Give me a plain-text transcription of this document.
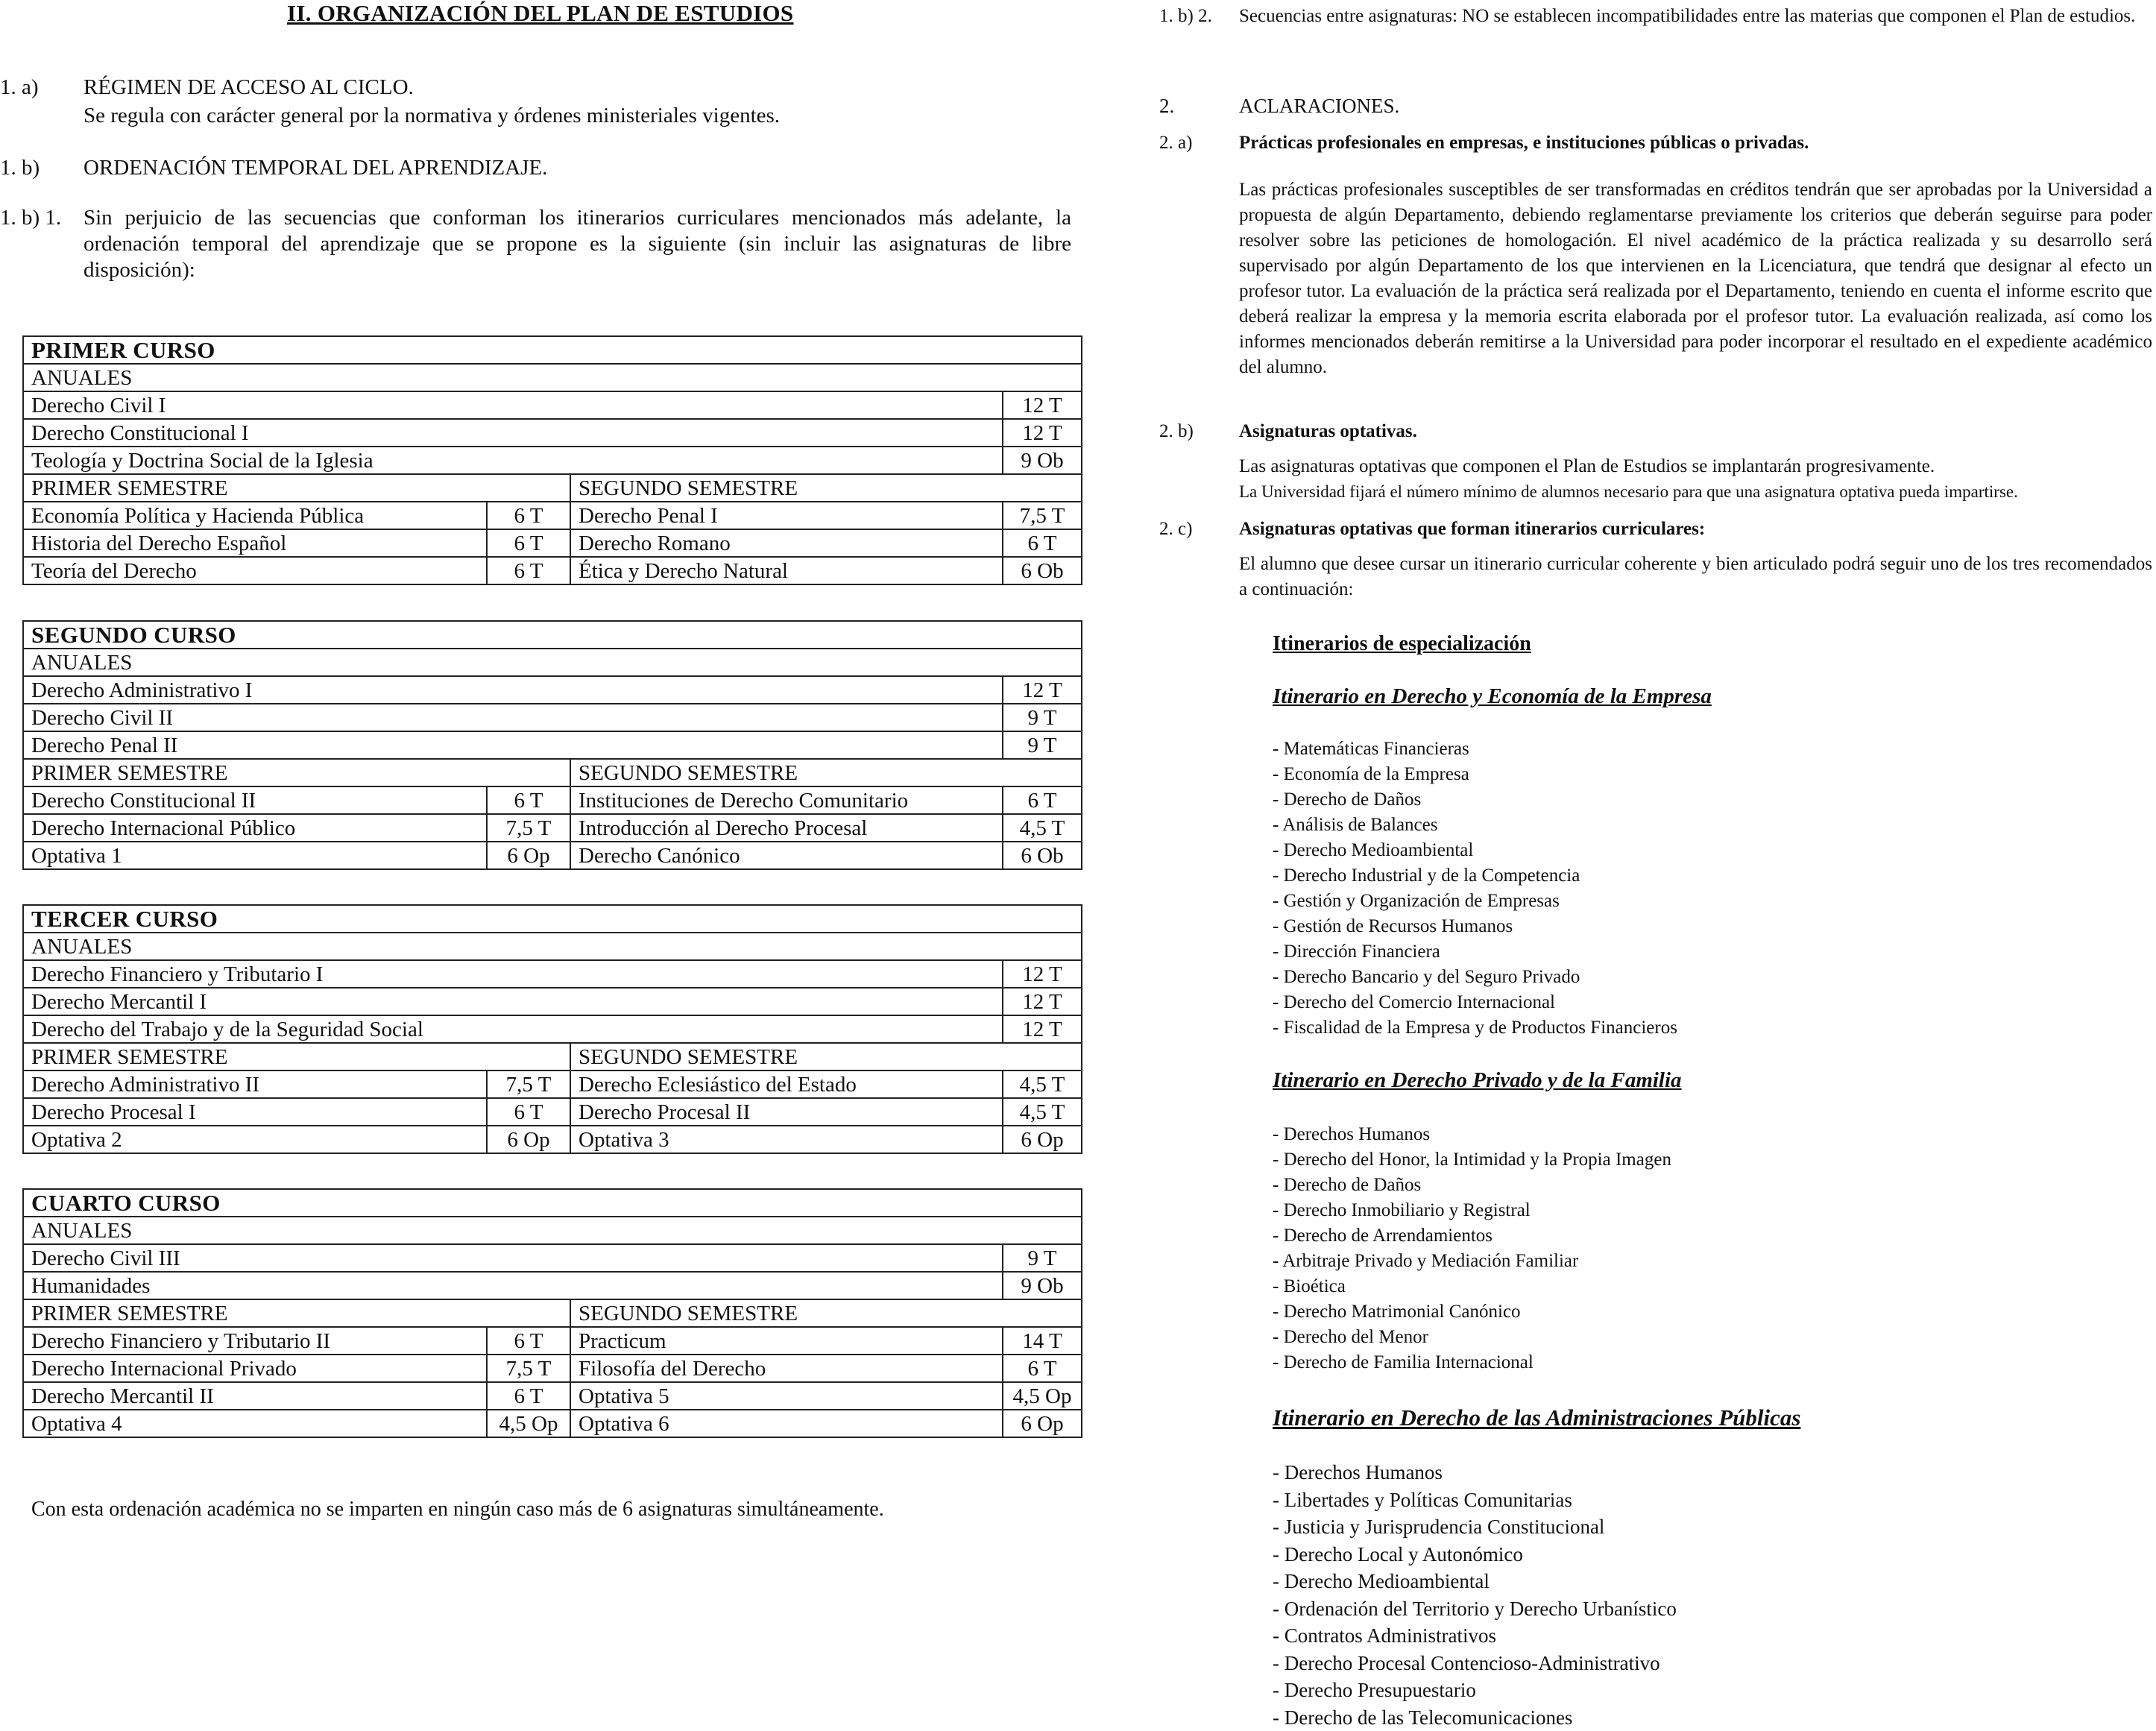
II. ORGANIZACIÓN DEL PLAN DE ESTUDIOS
1. a) RÉGIMEN DE ACCESO AL CICLO.
Se regula con carácter general por la normativa y órdenes ministeriales vigentes.
1. b) ORDENACIÓN TEMPORAL DEL APRENDIZAJE.
1. b) 1. Sin perjuicio de las secuencias que conforman los itinerarios curriculares mencionados más adelante, la ordenación temporal del aprendizaje que se propone es la siguiente (sin incluir las asignaturas de libre disposición):
PRIMER CURSO			
ANUALES			
Derecho Civil I			12 T
Derecho Constitucional I			12 T
Teología y Doctrina Social de la Iglesia			9 Ob
PRIMER SEMESTRE		SEGUNDO SEMESTRE	
Economía Política y Hacienda Pública	6 T	Derecho Penal I	7,5 T
Historia del Derecho Español	6 T	Derecho Romano	6 T
Teoría del Derecho	6 T	Ética y Derecho Natural	6 Ob
SEGUNDO CURSO			
ANUALES			
Derecho Administrativo I			12 T
Derecho Civil II			9 T
Derecho Penal II			9 T
PRIMER SEMESTRE		SEGUNDO SEMESTRE	
Derecho Constitucional II	6 T	Instituciones de Derecho Comunitario	6 T
Derecho Internacional Público	7,5 T	Introducción al Derecho Procesal	4,5 T
Optativa 1	6 Op	Derecho Canónico	6 Ob
TERCER CURSO			
ANUALES			
Derecho Financiero y Tributario I			12 T
Derecho Mercantil I			12 T
Derecho del Trabajo y de la Seguridad Social			12 T
PRIMER SEMESTRE		SEGUNDO SEMESTRE	
Derecho Administrativo II	7,5 T	Derecho Eclesiástico del Estado	4,5 T
Derecho Procesal I	6 T	Derecho Procesal II	4,5 T
Optativa 2	6 Op	Optativa 3	6 Op
CUARTO CURSO			
ANUALES			
Derecho Civil III			9 T
Humanidades			9 Ob
PRIMER SEMESTRE		SEGUNDO SEMESTRE	
Derecho Financiero y Tributario II	6 T	Practicum	14 T
Derecho Internacional Privado	7,5 T	Filosofía del Derecho	6 T
Derecho Mercantil II	6 T	Optativa 5	4,5 Op
Optativa 4	4,5 Op	Optativa 6	6 Op
Con esta ordenación académica no se imparten en ningún caso más de 6 asignaturas simultáneamente.
1. b) 2. Secuencias entre asignaturas: NO se establecen incompatibilidades entre las materias que componen el Plan de estudios.
2.	ACLARACIONES.
2. a)	Prácticas profesionales en empresas, e instituciones públicas o privadas.
Las prácticas profesionales susceptibles de ser transformadas en créditos tendrán que ser aprobadas por la Universidad a propuesta de algún Departamento, debiendo reglamentarse previamente los criterios que deberán seguirse para poder resolver sobre las peticiones de homologación. El nivel académico de la práctica realizada y su desarrollo será supervisado por algún Departamento de los que intervienen en la Licenciatura, que tendrá que designar al efecto un profesor tutor. La evaluación de la práctica será realizada por el Departamento, teniendo en cuenta el informe escrito que deberá realizar la empresa y la memoria escrita elaborada por el profesor tutor. La evaluación realizada, así como los informes mencionados deberán remitirse a la Universidad para poder incorporar el resultado en el expediente académico del alumno.
2. b) Asignaturas optativas.
Las asignaturas optativas que componen el Plan de Estudios se implantarán progresivamente.
La Universidad fijará el número mínimo de alumnos necesario para que una asignatura optativa pueda impartirse.
2. c)	Asignaturas optativas que forman itinerarios curriculares:
El alumno que desee cursar un itinerario curricular coherente y bien articulado podrá seguir uno de los tres recomendados a continuación:
Itinerarios de especialización
Itinerario en Derecho y Economía de la Empresa
- Matemáticas Financieras
- Economía de la Empresa
- Derecho de Daños
- Análisis de Balances
- Derecho Medioambiental
- Derecho Industrial y de la Competencia
- Gestión y Organización de Empresas
- Gestión de Recursos Humanos
- Dirección Financiera
- Derecho Bancario y del Seguro Privado
- Derecho del Comercio Internacional
- Fiscalidad de la Empresa y de Productos Financieros
Itinerario en Derecho Privado y de la Familia
- Derechos Humanos
- Derecho del Honor, la Intimidad y la Propia Imagen
- Derecho de Daños
- Derecho Inmobiliario y Registral
- Derecho de Arrendamientos
- Arbitraje Privado y Mediación Familiar
- Bioética
- Derecho Matrimonial Canónico
- Derecho del Menor
- Derecho de Familia Internacional
Itinerario en Derecho de las Administraciones Públicas
- Derechos Humanos
- Libertades y Políticas Comunitarias
- Justicia y Jurisprudencia Constitucional
- Derecho Local y Autonómico
- Derecho Medioambiental
- Ordenación del Territorio y Derecho Urbanístico
- Contratos Administrativos
- Derecho Procesal Contencioso-Administrativo
- Derecho Presupuestario
- Derecho de las Telecomunicaciones
